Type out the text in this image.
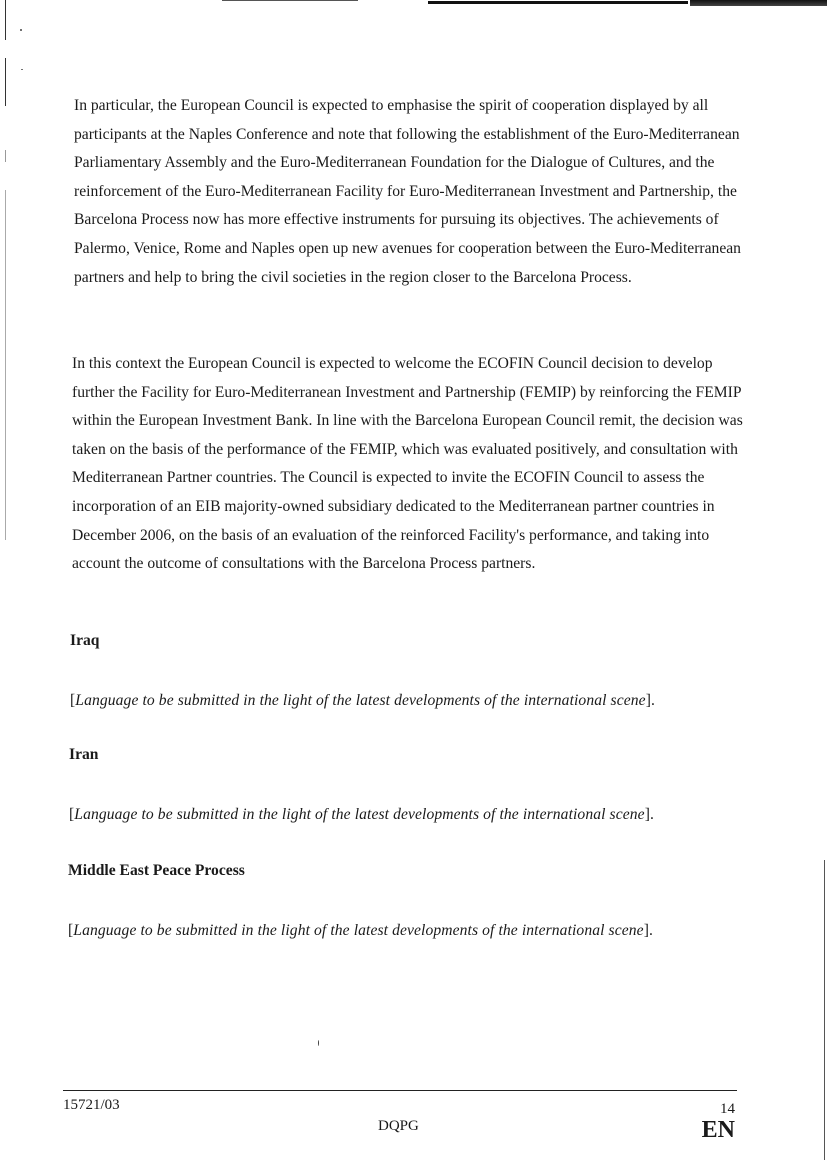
In particular, the European Council is expected to emphasise the spirit of cooperation displayed by all participants at the Naples Conference and note that following the establishment of the Euro-Mediterranean Parliamentary Assembly and the Euro-Mediterranean Foundation for the Dialogue of Cultures, and the reinforcement of the Euro-Mediterranean Facility for Euro-Mediterranean Investment and Partnership, the Barcelona Process now has more effective instruments for pursuing its objectives. The achievements of Palermo, Venice, Rome and Naples open up new avenues for cooperation between the Euro-Mediterranean partners and help to bring the civil societies in the region closer to the Barcelona Process.

In this context the European Council is expected to welcome the ECOFIN Council decision to develop further the Facility for Euro-Mediterranean Investment and Partnership (FEMIP) by reinforcing the FEMIP within the European Investment Bank. In line with the Barcelona European Council remit, the decision was taken on the basis of the performance of the FEMIP, which was evaluated positively, and consultation with Mediterranean Partner countries. The Council is expected to invite the ECOFIN Council to assess the incorporation of an EIB majority-owned subsidiary dedicated to the Mediterranean partner countries in December 2006, on the basis of an evaluation of the reinforced Facility's performance, and taking into account the outcome of consultations with the Barcelona Process partners.

Iraq

[Language to be submitted in the light of the latest developments of the international scene].

Iran

[Language to be submitted in the light of the latest developments of the international scene].

Middle East Peace Process

[Language to be submitted in the light of the latest developments of the international scene].

15721/03
DQPG
14
EN
